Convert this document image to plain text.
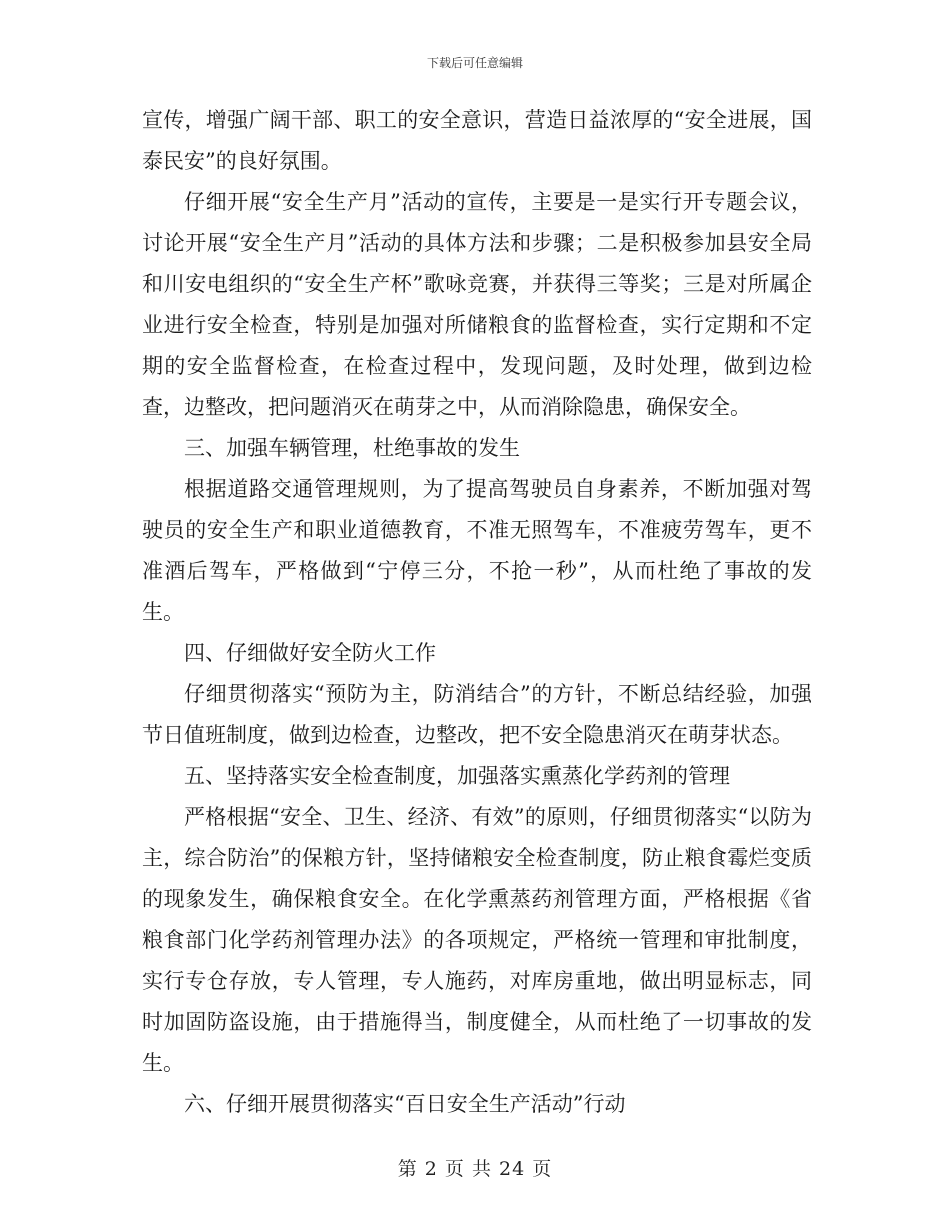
下载后可任意编辑

宣传，增强广阔干部、职工的安全意识，营造日益浓厚的“安全进展，国泰民安”的良好氛围。

仔细开展“安全生产月”活动的宣传，主要是一是实行开专题会议，讨论开展“安全生产月”活动的具体方法和步骤；二是积极参加县安全局和川安电组织的“安全生产杯”歌咏竞赛，并获得三等奖；三是对所属企业进行安全检查，特别是加强对所储粮食的监督检查，实行定期和不定期的安全监督检查，在检查过程中，发现问题，及时处理，做到边检查，边整改，把问题消灭在萌芽之中，从而消除隐患，确保安全。

三、加强车辆管理，杜绝事故的发生

根据道路交通管理规则，为了提高驾驶员自身素养，不断加强对驾驶员的安全生产和职业道德教育，不准无照驾车，不准疲劳驾车，更不准酒后驾车，严格做到“宁停三分，不抢一秒”，从而杜绝了事故的发生。

四、仔细做好安全防火工作

仔细贯彻落实“预防为主，防消结合”的方针，不断总结经验，加强节日值班制度，做到边检查，边整改，把不安全隐患消灭在萌芽状态。

五、坚持落实安全检查制度，加强落实熏蒸化学药剂的管理

严格根据“安全、卫生、经济、有效”的原则，仔细贯彻落实“以防为主，综合防治”的保粮方针，坚持储粮安全检查制度，防止粮食霉烂变质的现象发生，确保粮食安全。在化学熏蒸药剂管理方面，严格根据《省粮食部门化学药剂管理办法》的各项规定，严格统一管理和审批制度，实行专仓存放，专人管理，专人施药，对库房重地，做出明显标志，同时加固防盗设施，由于措施得当，制度健全，从而杜绝了一切事故的发生。

六、仔细开展贯彻落实“百日安全生产活动”行动

第 2 页 共 24 页
